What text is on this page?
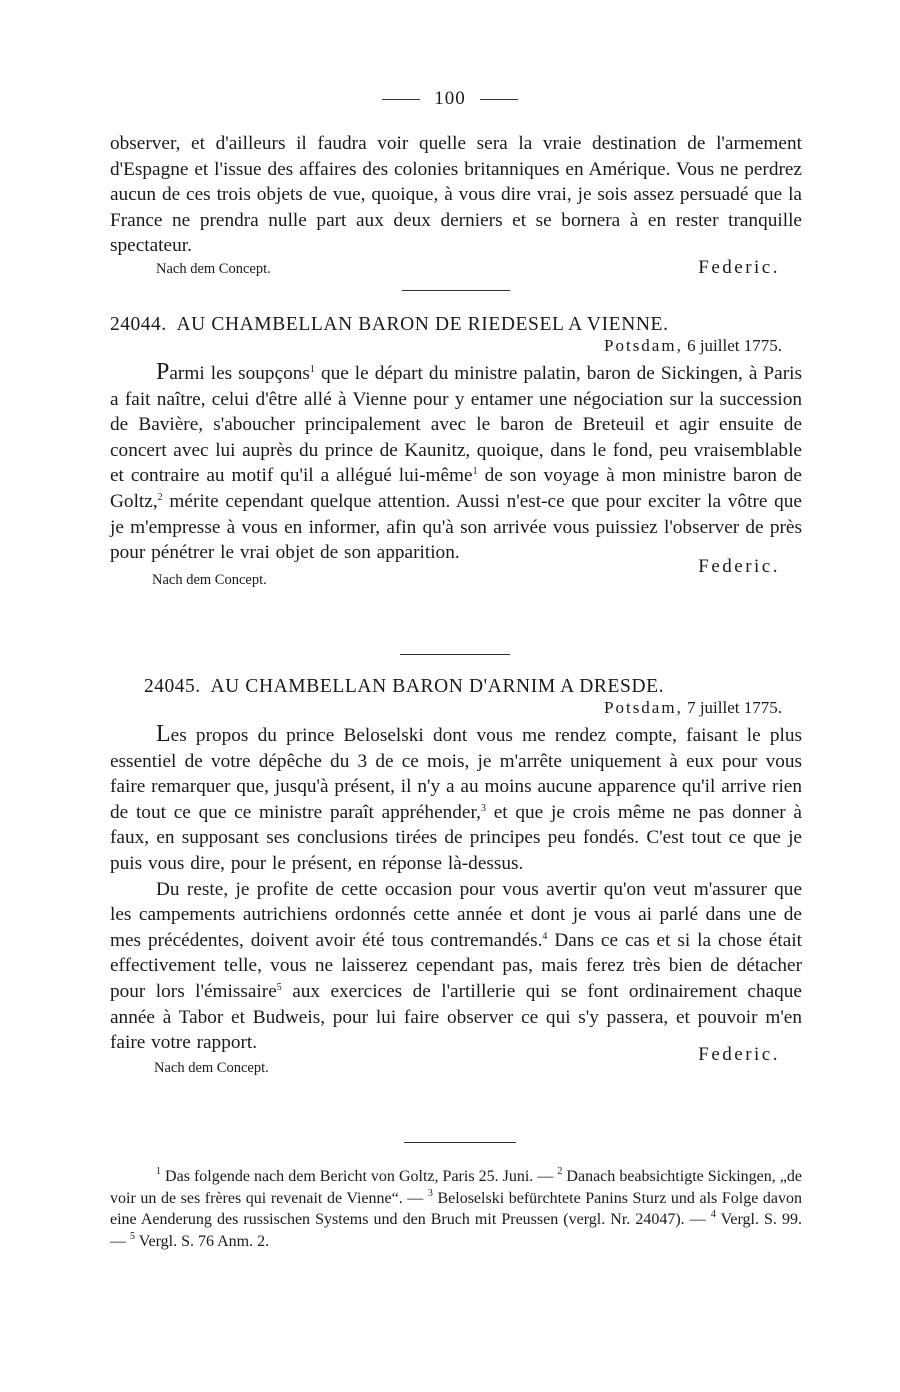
100

observer, et d'ailleurs il faudra voir quelle sera la vraie destination de l'armement d'Espagne et l'issue des affaires des colonies britanniques en Amérique. Vous ne perdrez aucun de ces trois objets de vue, quoique, à vous dire vrai, je sois assez persuadé que la France ne prendra nulle part aux deux derniers et se bornera à en rester tranquille spectateur.

Nach dem Concept.	Federic.

24044. AU CHAMBELLAN BARON DE RIEDESEL A VIENNE.

Potsdam, 6 juillet 1775.

Parmi les soupçons$^1$ que le départ du ministre palatin, baron de Sickingen, à Paris a fait naître, celui d'être allé à Vienne pour y entamer une négociation sur la succession de Bavière, s'aboucher principalement avec le baron de Breteuil et agir ensuite de concert avec lui auprès du prince de Kaunitz, quoique, dans le fond, peu vraisemblable et contraire au motif qu'il a allégué lui-même$^1$ de son voyage à mon ministre baron de Goltz,$^2$ mérite cependant quelque attention. Aussi n'est-ce que pour exciter la vôtre que je m'empresse à vous en informer, afin qu'à son arrivée vous puissiez l'observer de près pour pénétrer le vrai objet de son apparition.

Nach dem Concept.
Federic.

24045. AU CHAMBELLAN BARON D'ARNIM A DRESDE.

Potsdam, 7 juillet 1775.

Les propos du prince Beloselski dont vous me rendez compte, faisant le plus essentiel de votre dépêche du 3 de ce mois, je m'arrête uniquement à eux pour vous faire remarquer que, jusqu'à présent, il n'y a au moins aucune apparence qu'il arrive rien de tout ce que ce ministre paraît appréhender,$^3$ et que je crois même ne pas donner à faux, en supposant ses conclusions tirées de principes peu fondés. C'est tout ce que je puis vous dire, pour le présent, en réponse là-dessus.

Du reste, je profite de cette occasion pour vous avertir qu'on veut m'assurer que les campements autrichiens ordonnés cette année et dont je vous ai parlé dans une de mes précédentes, doivent avoir été tous contremandés.$^4$ Dans ce cas et si la chose était effectivement telle, vous ne laisserez cependant pas, mais ferez très bien de détacher pour lors l'émissaire$^5$ aux exercices de l'artillerie qui se font ordinairement chaque année à Tabor et Budweis, pour lui faire observer ce qui s'y passera, et pouvoir m'en faire votre rapport.

Nach dem Concept.
Federic.

$^1$ Das folgende nach dem Bericht von Goltz, Paris 25. Juni. — $^2$ Danach beabsichtigte Sickingen, „de voir un de ses frères qui revenait de Vienne“. — $^3$ Beloselski befürchtete Panins Sturz und als Folge davon eine Aenderung des russischen Systems und den Bruch mit Preussen (vergl. Nr. 24047). — $^4$ Vergl. S. 99. — $^5$ Vergl. S. 76 Anm. 2.
